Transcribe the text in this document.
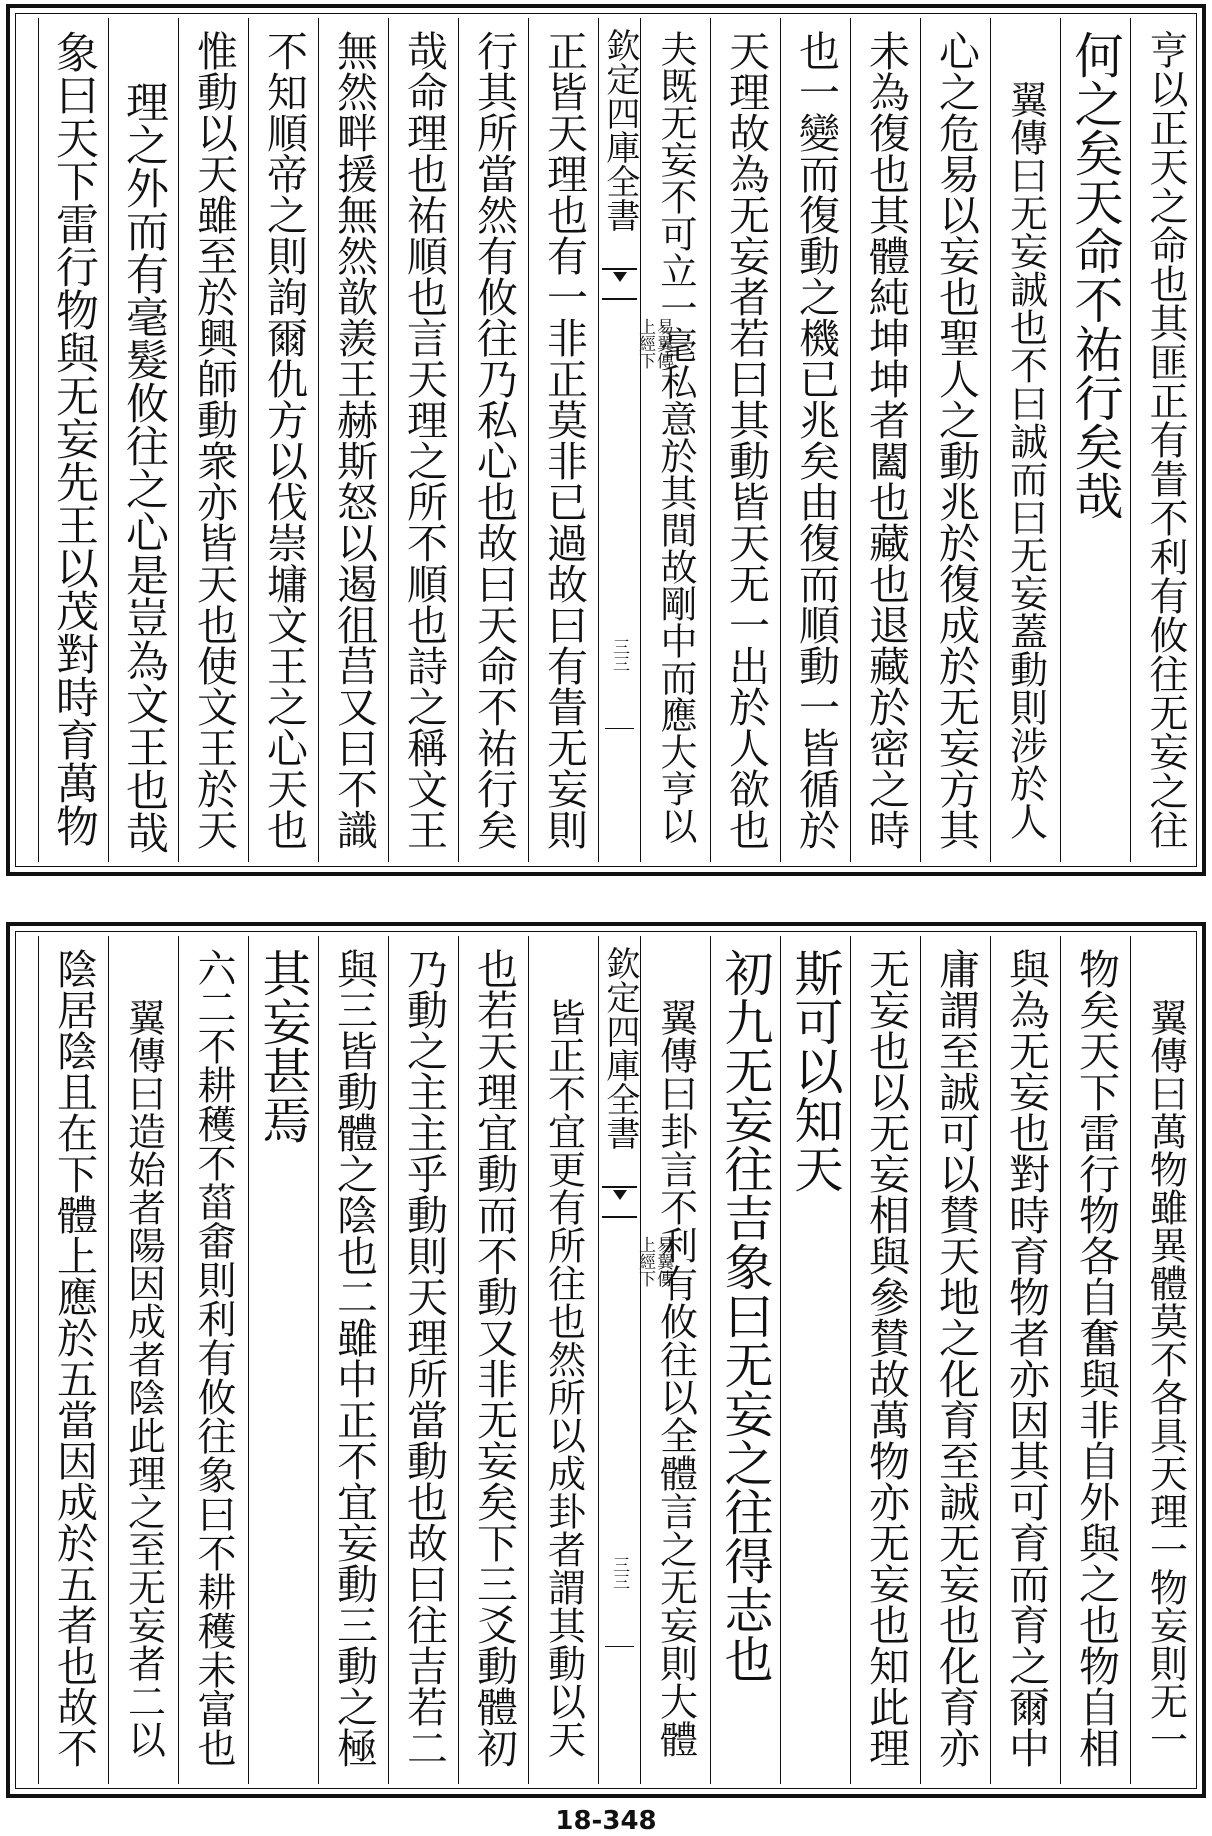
亨以正天之命也其匪正有眚不利有攸往无妄之往
何之矣天命不祐行矣哉
翼傳曰无妄誠也不曰誠而曰无妄蓋動則涉於人
心之危易以妄也聖人之動兆於復成於无妄方其
未為復也其體純坤坤者闔也藏也退藏於密之時
也一變而復動之機已兆矣由復而順動一皆循於
天理故為无妄者若曰其動皆天无一出於人欲也
夫既无妄不可立一毫私意於其間故剛中而應大亨以
欽定四庫全書
易翼傳
上經下
三三
正皆天理也有一非正莫非已過故曰有眚无妄則
行其所當然有攸往乃私心也故曰天命不祐行矣
哉命理也祐順也言天理之所不順也詩之稱文王
無然畔援無然歆羨王赫斯怒以遏徂莒又曰不識
不知順帝之則詢爾仇方以伐崇墉文王之心天也
惟動以天雖至於興師動衆亦皆天也使文王於天
理之外而有毫髮攸往之心是豈為文王也哉
象曰天下雷行物與无妄先王以茂對時育萬物
翼傳曰萬物雖異體莫不各具天理一物妄則无一
物矣天下雷行物各自奮與非自外與之也物自相
與為无妄也對時育物者亦因其可育而育之爾中
庸謂至誠可以賛天地之化育至誠无妄也化育亦
无妄也以无妄相與參賛故萬物亦无妄也知此理
斯可以知天
初九无妄往吉象曰无妄之往得志也
翼傳曰卦言不利有攸往以全體言之无妄則大體
欽定四庫全書
易翼傳
上經下
三三
皆正不宜更有所往也然所以成卦者謂其動以天
也若天理宜動而不動又非无妄矣下三爻動體初
乃動之主主乎動則天理所當動也故曰往吉若二
與三皆動體之陰也二雖中正不宜妄動三動之極
其妄甚焉
六二不耕穫不菑畬則利有攸往象曰不耕穫未富也
翼傳曰造始者陽因成者陰此理之至无妄者二以
陰居陰且在下體上應於五當因成於五者也故不
18-348
